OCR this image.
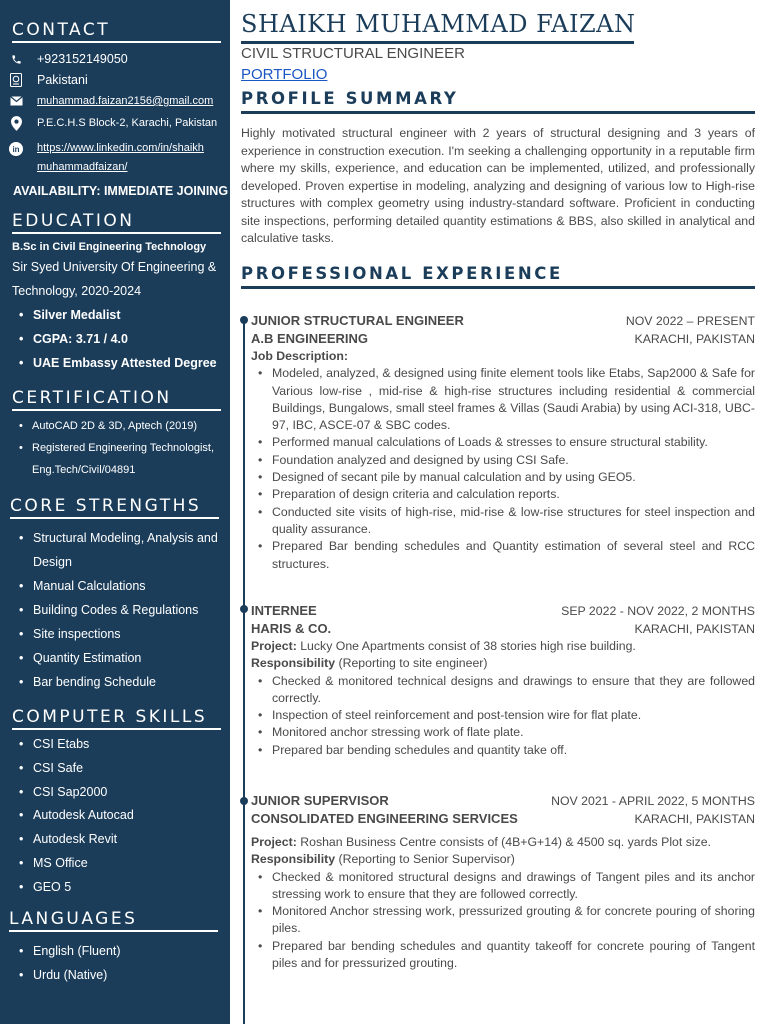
CONTACT
+923152149050
Pakistani
muhammad.faizan2156@gmail.com
P.E.C.H.S Block-2, Karachi, Pakistan
in https://www.linkedin.com/in/shaikh
muhammadfaizan/
AVAILABILITY: IMMEDIATE JOINING
EDUCATION
B.Sc in Civil Engineering Technology
Sir Syed University Of Engineering &
Technology, 2020-2024
• Silver Medalist
• CGPA: 3.71 / 4.0
• UAE Embassy Attested Degree
CERTIFICATION
• AutoCAD 2D & 3D, Aptech (2019)
• Registered Engineering Technologist,
Eng.Tech/Civil/04891
CORE STRENGTHS
• Structural Modeling, Analysis and
Design
• Manual Calculations
• Building Codes & Regulations
• Site inspections
• Quantity Estimation
• Bar bending Schedule
COMPUTER SKILLS
• CSI Etabs
• CSI Safe
• CSI Sap2000
• Autodesk Autocad
• Autodesk Revit
• MS Office
• GEO 5
LANGUAGES
• English (Fluent)
• Urdu (Native)
SHAIKH MUHAMMAD FAIZAN
CIVIL STRUCTURAL ENGINEER
PORTFOLIO
PROFILE SUMMARY

Highly motivated structural engineer with 2 years of structural designing and 3 years of experience in construction execution. I'm seeking a challenging opportunity in a reputable firm where my skills, experience, and education can be implemented, utilized, and professionally developed. Proven expertise in modeling, analyzing and designing of various low to High-rise structures with complex geometry using industry-standard software. Proficient in conducting site inspections, performing detailed quantity estimations & BBS, also skilled in analytical and calculative tasks.

PROFESSIONAL EXPERIENCE
JUNIOR STRUCTURAL ENGINEER	NOV 2022 – PRESENT
A.B ENGINEERING	KARACHI, PAKISTAN
Job Description:
• Modeled, analyzed, & designed using finite element tools like Etabs, Sap2000 & Safe for Various low-rise , mid-rise & high-rise structures including residential & commercial Buildings, Bungalows, small steel frames & Villas (Saudi Arabia) by using ACI-318, UBC-97, IBC, ASCE-07 & SBC codes.
• Performed manual calculations of Loads & stresses to ensure structural stability.
• Foundation analyzed and designed by using CSI Safe.
• Designed of secant pile by manual calculation and by using GEO5.
• Preparation of design criteria and calculation reports.
• Conducted site visits of high-rise, mid-rise & low-rise structures for steel inspection and quality assurance.
• Prepared Bar bending schedules and Quantity estimation of several steel and RCC structures.
INTERNEE	SEP 2022 - NOV 2022, 2 MONTHS
HARIS & CO.	KARACHI, PAKISTAN
Project: Lucky One Apartments consist of 38 stories high rise building.
Responsibility (Reporting to site engineer)
• Checked & monitored technical designs and drawings to ensure that they are followed correctly.
• Inspection of steel reinforcement and post-tension wire for flat plate.
• Monitored anchor stressing work of flate plate.
• Prepared bar bending schedules and quantity take off.
JUNIOR SUPERVISOR	NOV 2021 - APRIL 2022, 5 MONTHS
CONSOLIDATED ENGINEERING SERVICES	KARACHI, PAKISTAN
Project: Roshan Business Centre consists of (4B+G+14) & 4500 sq. yards Plot size.
Responsibility (Reporting to Senior Supervisor)
• Checked & monitored structural designs and drawings of Tangent piles and its anchor stressing work to ensure that they are followed correctly.
• Monitored Anchor stressing work, pressurized grouting & for concrete pouring of shoring piles.
• Prepared bar bending schedules and quantity takeoff for concrete pouring of Tangent piles and for pressurized grouting.
